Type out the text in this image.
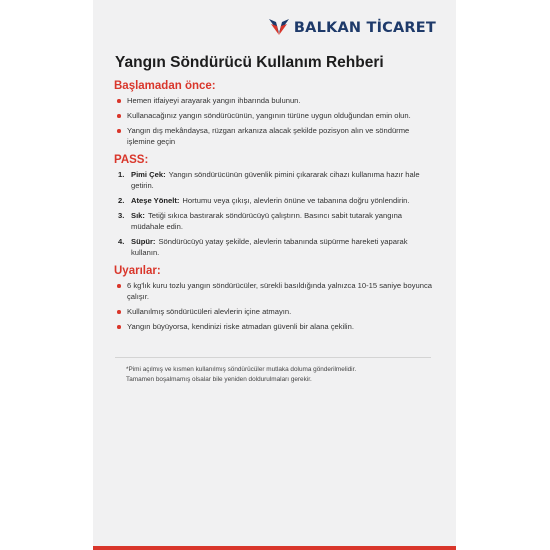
BALKAN TİCARET
Yangın Söndürücü Kullanım Rehberi
Başlamadan önce:
Hemen itfaiyeyi arayarak yangın ihbarında bulunun.
Kullanacağınız yangın söndürücünün, yangının türüne uygun olduğundan emin olun.
Yangın dış mekândaysa, rüzgarı arkanıza alacak şekilde pozisyon alın ve söndürme işlemine geçin
PASS:
1. Pimi Çek: Yangın söndürücünün güvenlik pimini çıkararak cihazı kullanıma hazır hale getirin.
2. Ateşe Yönelt: Hortumu veya çıkışı, alevlerin önüne ve tabanına doğru yönlendirin.
3. Sık: Tetiği sıkıca bastırarak söndürücüyü çalıştırın. Basıncı sabit tutarak yangına müdahale edin.
4. Süpür: Söndürücüyü yatay şekilde, alevlerin tabanında süpürme hareketi yaparak kullanın.
Uyarılar:
6 kg'lık kuru tozlu yangın söndürücüler, sürekli basıldığında yalnızca 10-15 saniye boyunca çalışır.
Kullanılmış söndürücüleri alevlerin içine atmayın.
Yangın büyüyorsa, kendinizi riske atmadan güvenli bir alana çekilin.
*Pimi açılmış ve kısmen kullanılmış söndürücüler mutlaka doluma gönderilmelidir.
Tamamen boşalmamış olsalar bile yeniden doldurulmaları gerekir.
